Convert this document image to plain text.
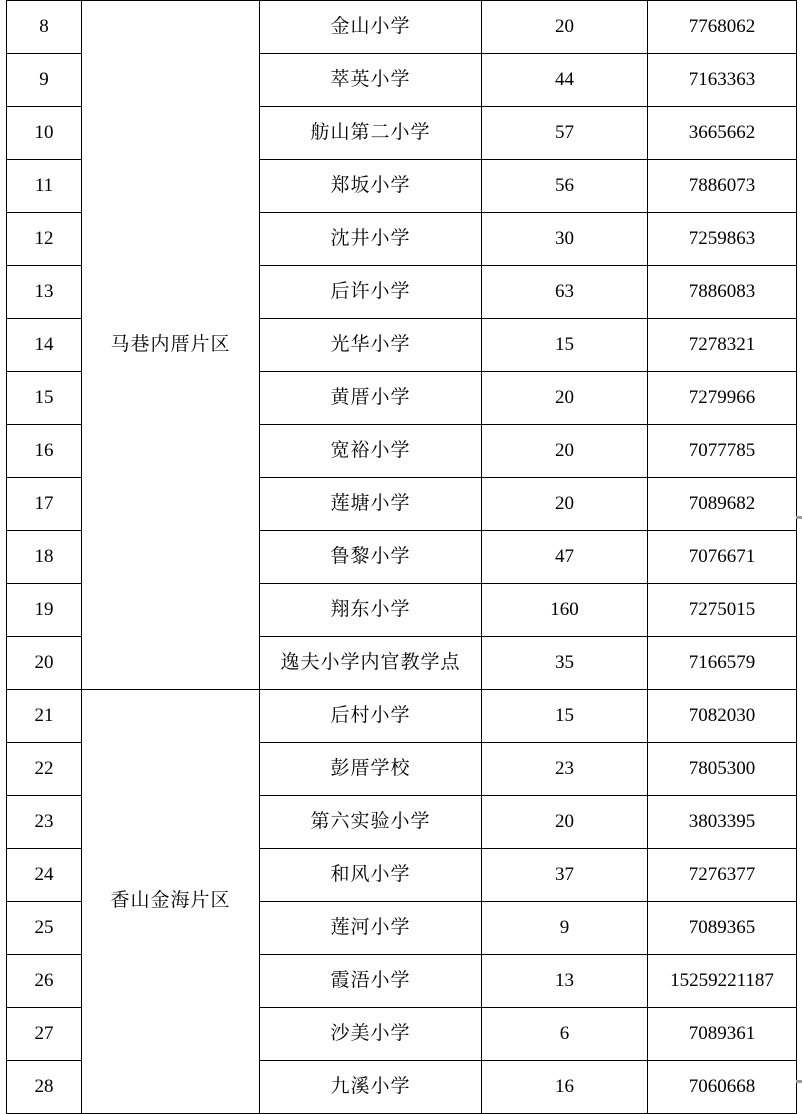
8	马巷内厝片区	金山小学	20	7768062
9		萃英小学	44	7163363
10		舫山第二小学	57	3665662
11		郑坂小学	56	7886073
12		沈井小学	30	7259863
13		后许小学	63	7886083
14		光华小学	15	7278321
15		黄厝小学	20	7279966
16		宽裕小学	20	7077785
17		莲塘小学	20	7089682
18		鲁黎小学	47	7076671
19		翔东小学	160	7275015
20		逸夫小学内官教学点	35	7166579
21	香山金海片区	后村小学	15	7082030
22		彭厝学校	23	7805300
23		第六实验小学	20	3803395
24		和风小学	37	7276377
25		莲河小学	9	7089365
26		霞浯小学	13	15259221187
27		沙美小学	6	7089361
28		九溪小学	16	7060668
